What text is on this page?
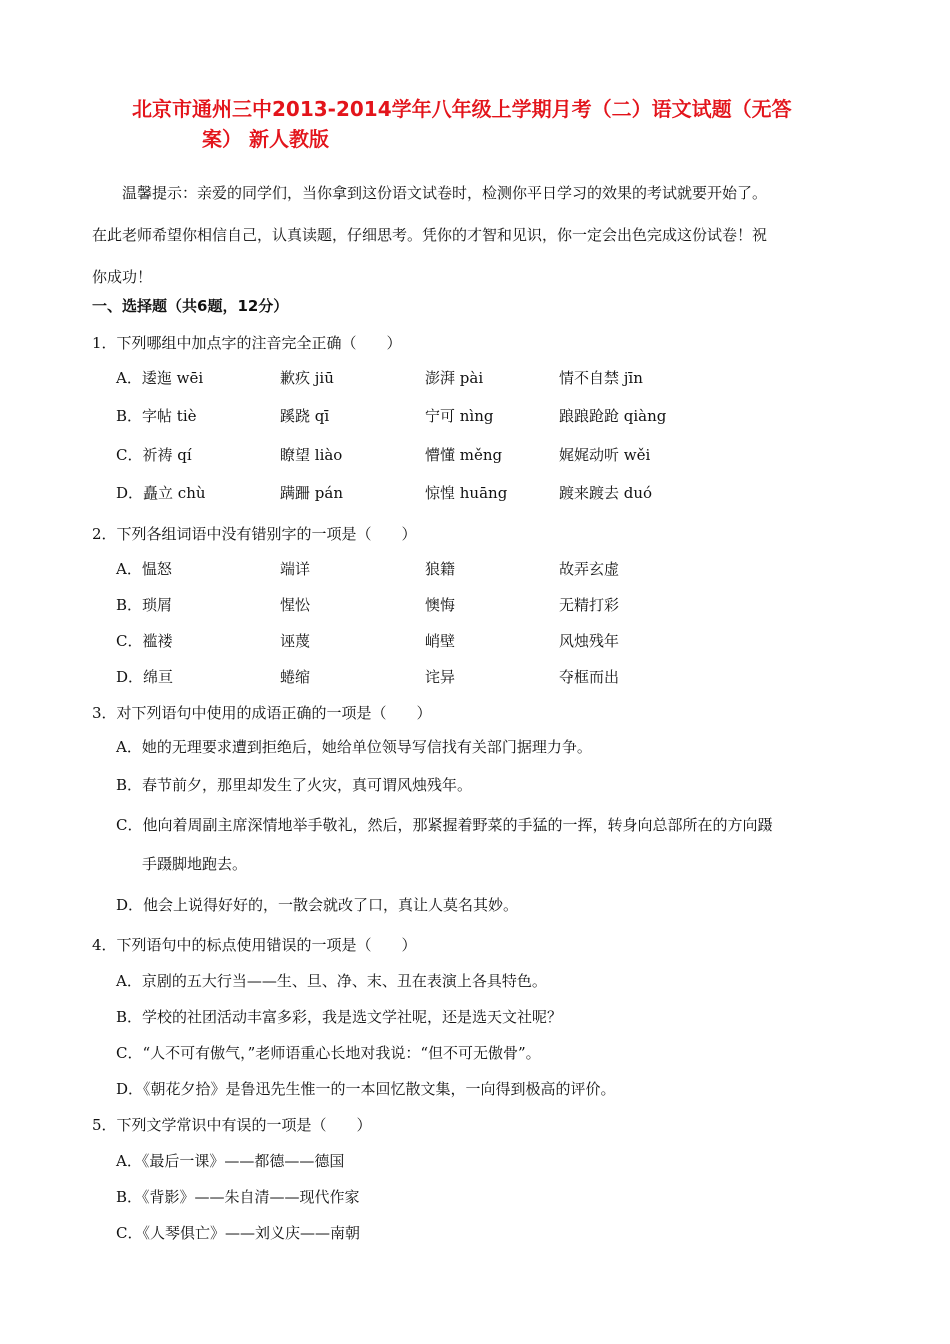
北京市通州三中2013-2014学年八年级上学期月考（二）语文试题（无答
案） 新人教版
温馨提示：亲爱的同学们，当你拿到这份语文试卷时，检测你平日学习的效果的考试就要开始了。
在此老师希望你相信自己，认真读题，仔细思考。凭你的才智和见识，你一定会出色完成这份试卷！祝
你成功！
一、选择题（共6题，12分）
1．下列哪组中加点字的注音完全正确（　　）
A．逶迤 wēi	歉疚 jiū	澎湃 pài	情不自禁 jīn
B．字帖 tiè	蹊跷 qī	宁可 nìng	踉踉跄跄 qiàng
C．祈祷 qí	瞭望 liào	懵懂 měng	娓娓动听 wěi
D．矗立 chù	蹒跚 pán	惊惶 huāng	踱来踱去 duó
2．下列各组词语中没有错别字的一项是（　　）
A．愠怒	端详	狼籍	故弄玄虚
B．琐屑	惺忪	懊悔	无精打彩
C．褴褛	诬蔑	峭壁	风烛残年
D．绵亘	蜷缩	诧异	夺框而出
3．对下列语句中使用的成语正确的一项是（　　）
A．她的无理要求遭到拒绝后，她给单位领导写信找有关部门据理力争。
B．春节前夕，那里却发生了火灾，真可谓风烛残年。
C．他向着周副主席深情地举手敬礼，然后，那紧握着野菜的手猛的一挥，转身向总部所在的方向蹑
手蹑脚地跑去。
D．他会上说得好好的，一散会就改了口，真让人莫名其妙。
4．下列语句中的标点使用错误的一项是（　　）
A．京剧的五大行当——生、旦、净、末、丑在表演上各具特色。
B．学校的社团活动丰富多彩，我是选文学社呢，还是选天文社呢？
C．“人不可有傲气，”老师语重心长地对我说：“但不可无傲骨”。
D．《朝花夕拾》是鲁迅先生惟一的一本回忆散文集，一向得到极高的评价。
5．下列文学常识中有误的一项是（　　）
A．《最后一课》——都德——德国
B．《背影》——朱自清——现代作家
C．《人琴俱亡》——刘义庆——南朝
